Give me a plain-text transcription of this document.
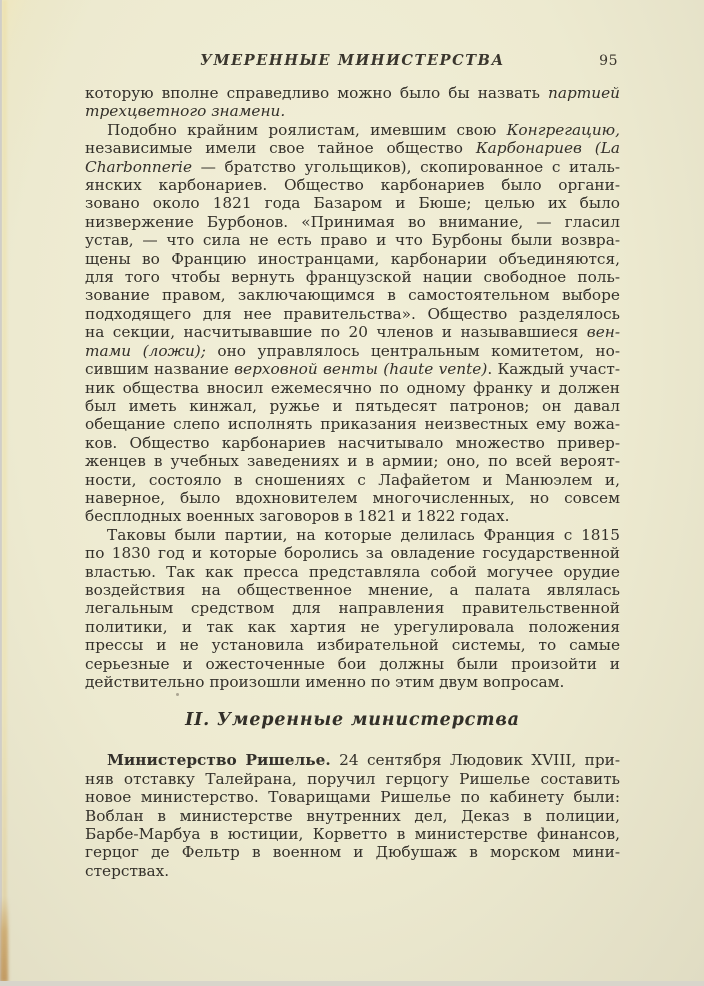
УМЕРЕННЫЕ МИНИСТЕРСТВА	95
которую вполне справедливо можно было бы назвать партией
трехцветного знамени.
Подобно крайним роялистам, имевшим свою Конгрегацию,
независимые имели свое тайное общество Карбонариев (La
Charbonnerie — братство угольщиков), скопированное с италь-
янских карбонариев. Общество карбонариев было органи-
зовано около 1821 года Базаром и Бюше; целью их было
низвержение Бурбонов. «Принимая во внимание, — гласил
устав, — что сила не есть право и что Бурбоны были возвра-
щены во Францию иностранцами, карбонарии объединяются,
для того чтобы вернуть французской нации свободное поль-
зование правом, заключающимся в самостоятельном выборе
подходящего для нее правительства». Общество разделялось
на секции, насчитывавшие по 20 членов и называвшиеся вен-
тами (ложи); оно управлялось центральным комитетом, но-
сившим название верховной венты (haute vente). Каждый участ-
ник общества вносил ежемесячно по одному франку и должен
был иметь кинжал, ружье и пятьдесят патронов; он давал
обещание слепо исполнять приказания неизвестных ему вожа-
ков. Общество карбонариев насчитывало множество привер-
женцев в учебных заведениях и в армии; оно, по всей вероят-
ности, состояло в сношениях с Лафайетом и Манюэлем и,
наверное, было вдохновителем многочисленных, но совсем
бесплодных военных заговоров в 1821 и 1822 годах.
Таковы были партии, на которые делилась Франция с 1815
по 1830 год и которые боролись за овладение государственной
властью. Так как пресса представляла собой могучее орудие
воздействия на общественное мнение, а палата являлась
легальным средством для направления правительственной
политики, и так как хартия не урегулировала положения
прессы и не установила избирательной системы, то самые
серьезные и ожесточенные бои должны были произойти и
действительно произошли именно по этим двум вопросам.
II. Умеренные министерства
Министерство Ришелье. 24 сентября Людовик XVIII, при-
няв отставку Талейрана, поручил герцогу Ришелье составить
новое министерство. Товарищами Ришелье по кабинету были:
Воблан в министерстве внутренних дел, Деказ в полиции,
Барбе-Марбуа в юстиции, Корветто в министерстве финансов,
герцог де Фельтр в военном и Дюбушаж в морском мини-
стерствах.
